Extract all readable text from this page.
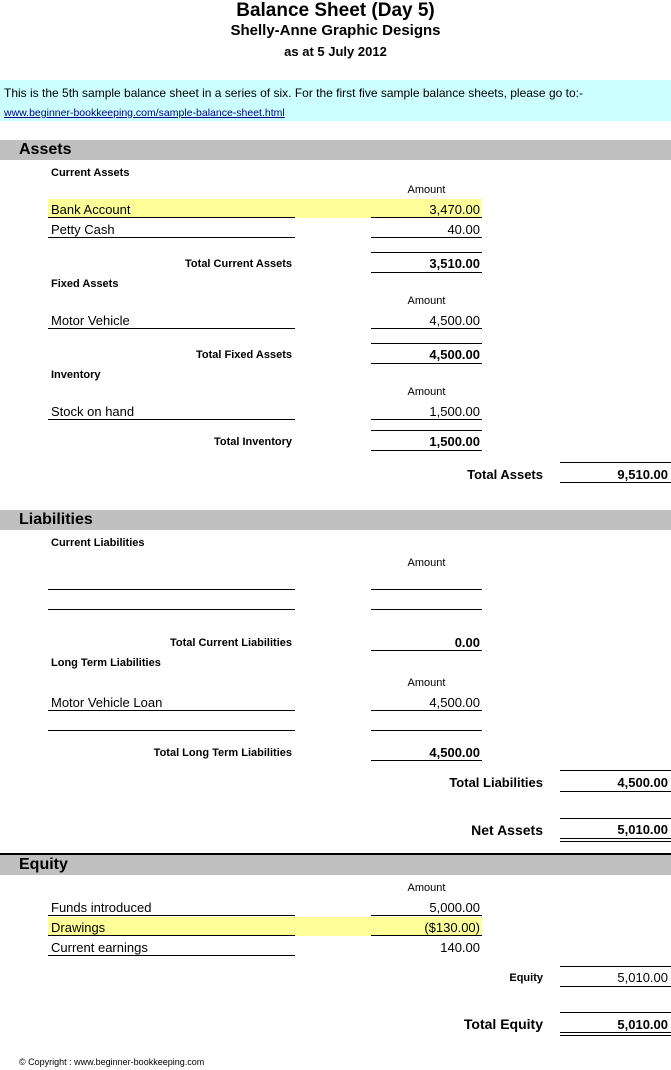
Balance Sheet (Day 5)
Shelly-Anne Graphic Designs
as at 5 July 2012
This is the 5th sample balance sheet in a series of six. For the first five sample balance sheets, please go to:-
www.beginner-bookkeeping.com/sample-balance-sheet.html
Assets
Current Assets
Amount
Bank Account	3,470.00
Petty Cash	40.00
Total Current Assets	3,510.00
Fixed Assets
Amount
Motor Vehicle	4,500.00
Total Fixed Assets	4,500.00
Inventory
Amount
Stock on hand	1,500.00
Total Inventory	1,500.00
Total Assets	9,510.00
Liabilities
Current Liabilities
Amount
Total Current Liabilities	0.00
Long Term Liabilities
Amount
Motor Vehicle Loan	4,500.00
Total Long Term Liabilities	4,500.00
Total Liabilities	4,500.00
Net Assets	5,010.00
Equity
Amount
Funds introduced	5,000.00
Drawings	($130.00)
Current earnings	140.00
Equity	5,010.00
Total Equity	5,010.00
© Copyright : www.beginner-bookkeeping.com
